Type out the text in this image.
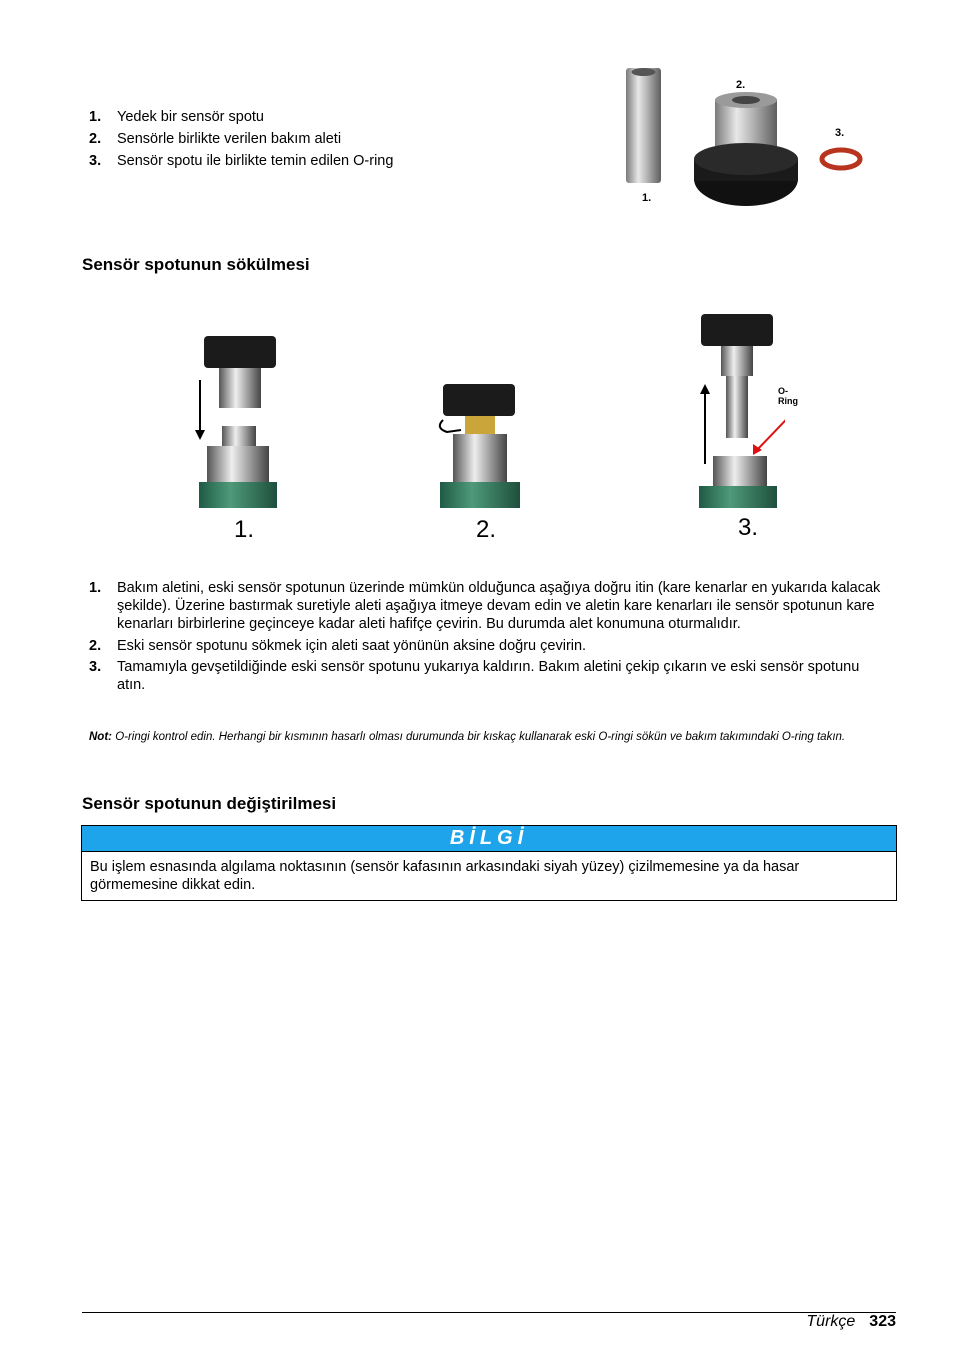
1. Yedek bir sensör spotu
2. Sensörle birlikte verilen bakım aleti
3. Sensör spotu ile birlikte temin edilen O-ring
1.
2.
3.
Sensör spotunun sökülmesi
1.	2.	3.
O-Ring
1. Bakım aletini, eski sensör spotunun üzerinde mümkün olduğunca aşağıya doğru itin (kare kenarlar en yukarıda kalacak şekilde). Üzerine bastırmak suretiyle aleti aşağıya itmeye devam edin ve aletin kare kenarları ile sensör spotunun kare kenarları birbirlerine geçinceye kadar aleti hafifçe çevirin. Bu durumda alet konumuna oturmalıdır.
2. Eski sensör spotunu sökmek için aleti saat yönünün aksine doğru çevirin.
3. Tamamıyla gevşetildiğinde eski sensör spotunu yukarıya kaldırın. Bakım aletini çekip çıkarın ve eski sensör spotunu atın.
Not: O-ringi kontrol edin. Herhangi bir kısmının hasarlı olması durumunda bir kıskaç kullanarak eski O-ringi sökün ve bakım takımındaki O-ring takın.
Sensör spotunun değiştirilmesi
BİLGİ
Bu işlem esnasında algılama noktasının (sensör kafasının arkasındaki siyah yüzey) çizilmemesine ya da hasar görmemesine dikkat edin.
Türkçe 323
